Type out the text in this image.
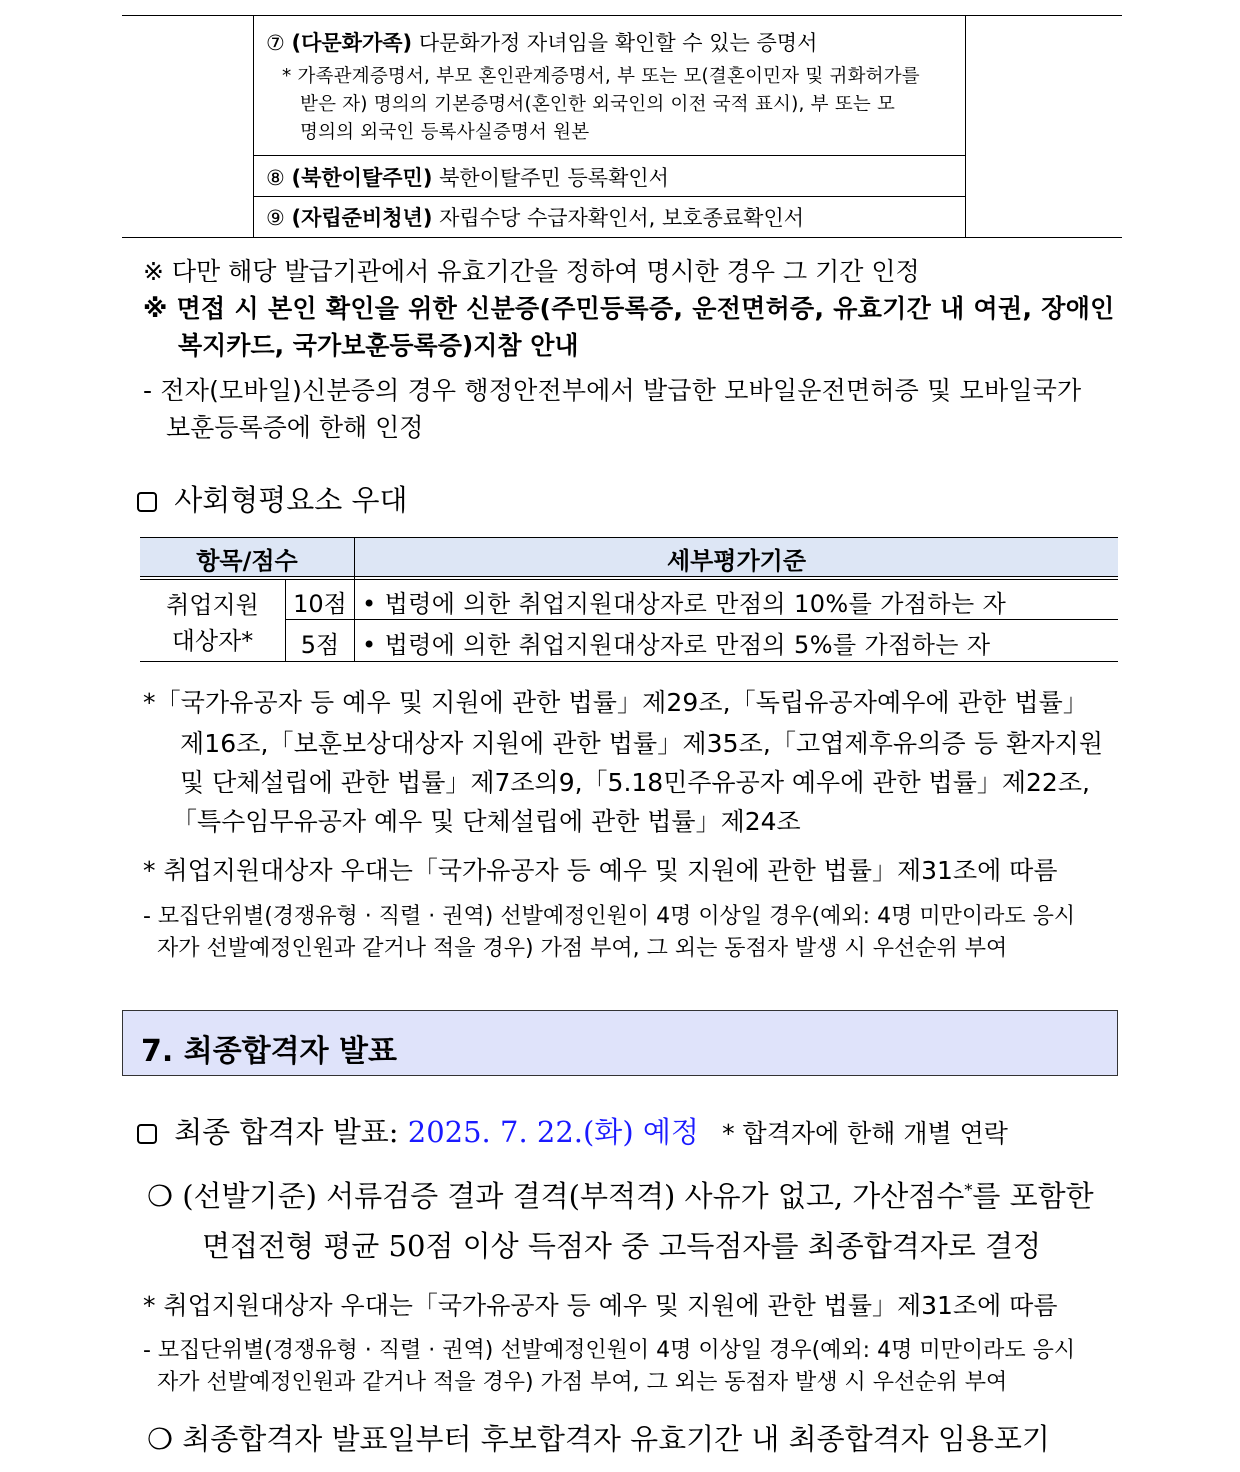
⑦ (다문화가족) 다문화가정 자녀임을 확인할 수 있는 증명서
* 가족관계증명서, 부모 혼인관계증명서, 부 또는 모(결혼이민자 및 귀화허가를
받은 자) 명의의 기본증명서(혼인한 외국인의 이전 국적 표시), 부 또는 모
명의의 외국인 등록사실증명서 원본
⑧ (북한이탈주민) 북한이탈주민 등록확인서
⑨ (자립준비청년) 자립수당 수급자확인서, 보호종료확인서
※ 다만 해당 발급기관에서 유효기간을 정하여 명시한 경우 그 기간 인정
※ 면접 시 본인 확인을 위한 신분증(주민등록증, 운전면허증, 유효기간 내 여권, 장애인
복지카드, 국가보훈등록증)지참 안내
- 전자(모바일)신분증의 경우 행정안전부에서 발급한 모바일운전면허증 및 모바일국가
보훈등록증에 한해 인정
사회형평요소 우대
항목/점수	세부평가기준
취업지원
대상자*
10점 • 법령에 의한 취업지원대상자로 만점의 10%를 가점하는 자
5점 • 법령에 의한 취업지원대상자로 만점의 5%를 가점하는 자
*「국가유공자 등 예우 및 지원에 관한 법률」제29조,「독립유공자예우에 관한 법률」
제16조,「보훈보상대상자 지원에 관한 법률」제35조,「고엽제후유의증 등 환자지원
및 단체설립에 관한 법률」제7조의9,「5.18민주유공자 예우에 관한 법률」제22조,
「특수임무유공자 예우 및 단체설립에 관한 법률」제24조
* 취업지원대상자 우대는「국가유공자 등 예우 및 지원에 관한 법률」제31조에 따름
- 모집단위별(경쟁유형 · 직렬 · 권역) 선발예정인원이 4명 이상일 경우(예외: 4명 미만이라도 응시
자가 선발예정인원과 같거나 적을 경우) 가점 부여, 그 외는 동점자 발생 시 우선순위 부여
7. 최종합격자 발표
최종 합격자 발표: 2025. 7. 22.(화) 예정 * 합격자에 한해 개별 연락
❍ (선발기준) 서류검증 결과 결격(부적격) 사유가 없고, 가산점수*를 포함한
면접전형 평균 50점 이상 득점자 중 고득점자를 최종합격자로 결정
* 취업지원대상자 우대는「국가유공자 등 예우 및 지원에 관한 법률」제31조에 따름
- 모집단위별(경쟁유형 · 직렬 · 권역) 선발예정인원이 4명 이상일 경우(예외: 4명 미만이라도 응시
자가 선발예정인원과 같거나 적을 경우) 가점 부여, 그 외는 동점자 발생 시 우선순위 부여
❍ 최종합격자 발표일부터 후보합격자 유효기간 내 최종합격자 임용포기
